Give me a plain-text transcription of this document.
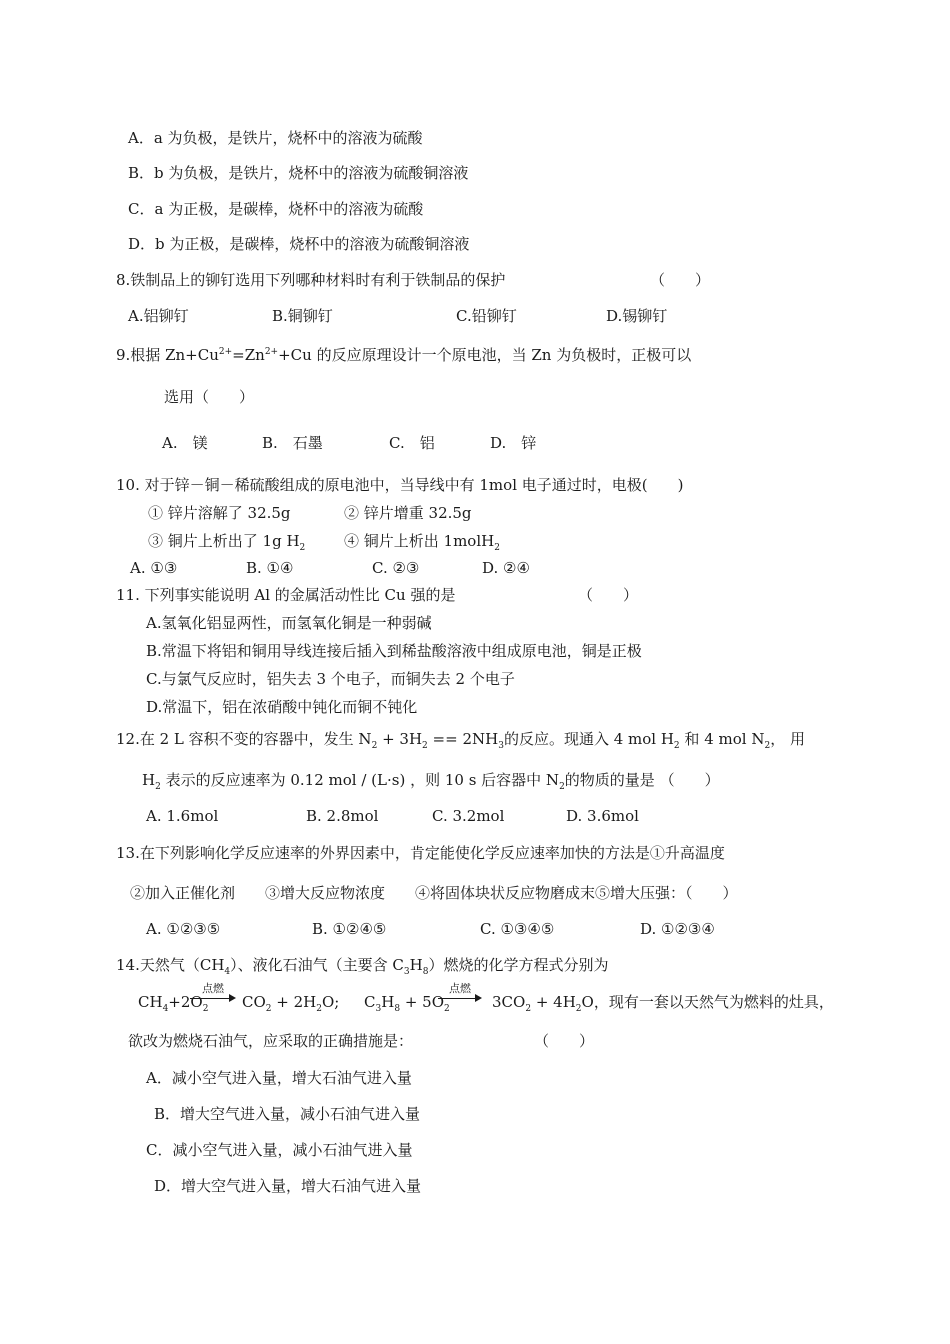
A．a 为负极，是铁片，烧杯中的溶液为硫酸
B．b 为负极，是铁片，烧杯中的溶液为硫酸铜溶液
C．a 为正极，是碳棒，烧杯中的溶液为硫酸
D．b 为正极，是碳棒，烧杯中的溶液为硫酸铜溶液
8.铁制品上的铆钉选用下列哪种材料时有利于铁制品的保护	（　　）
A.铝铆钉	B.铜铆钉	C.铅铆钉	D.锡铆钉
9.根据 $Zn+Cu^{2+}=Zn^{2+}+Cu$ 的反应原理设计一个原电池，当 Zn 为负极时，正极可以
选用（　　）
A.　镁	B.　石墨	C.　铝	D.　锌
10. 对于锌－铜－稀硫酸组成的原电池中，当导线中有 1mol 电子通过时，电极(　　)
① 锌片溶解了 32.5g	② 锌片增重 32.5g
③ 铜片上析出了 1g $H_2$	④ 铜片上析出 1molH$_2$
A. ①③	B. ①④	C. ②③	D. ②④
11. 下列事实能说明 Al 的金属活动性比 Cu 强的是	（　　）
A.氢氧化铝显两性，而氢氧化铜是一种弱碱
B.常温下将铝和铜用导线连接后插入到稀盐酸溶液中组成原电池，铜是正极
C.与氯气反应时，铝失去 3 个电子，而铜失去 2 个电子
D.常温下，铝在浓硝酸中钝化而铜不钝化
12.在 2 L 容积不变的容器中，发生 $N_2 + 3H_2 == 2NH_3$的反应。现通入 4 mol $H_2$ 和 4 mol $N_2$， 用
$H_2$ 表示的反应速率为 0.12 mol / (L·s) ，则 10 s 后容器中 $N_2$的物质的量是 （　　）
A. 1.6mol	B. 2.8mol	C. 3.2mol	D. 3.6mol
13.在下列影响化学反应速率的外界因素中，肯定能使化学反应速率加快的方法是①升高温度
②加入正催化剂　　③增大反应物浓度　　④将固体块状反应物磨成末⑤增大压强：（　　）
A. ①②③⑤	B. ①②④⑤	C. ①③④⑤	D. ①②③④
14.天然气$(CH_4)$、液化石油气（主要含 $C_3H_8$）燃烧的化学方程式分别为
$CH_4+2O_2$
点燃
$CO_2 + 2H_2O$; $C_3H_8 + 5O_2$
点燃
$3CO_2 + 4H_2O$，现有一套以天然气为燃料的灶具，
欲改为燃烧石油气，应采取的正确措施是：	（　　）
A．减小空气进入量，增大石油气进入量
B．增大空气进入量，减小石油气进入量
C．减小空气进入量，减小石油气进入量
D．增大空气进入量，增大石油气进入量
